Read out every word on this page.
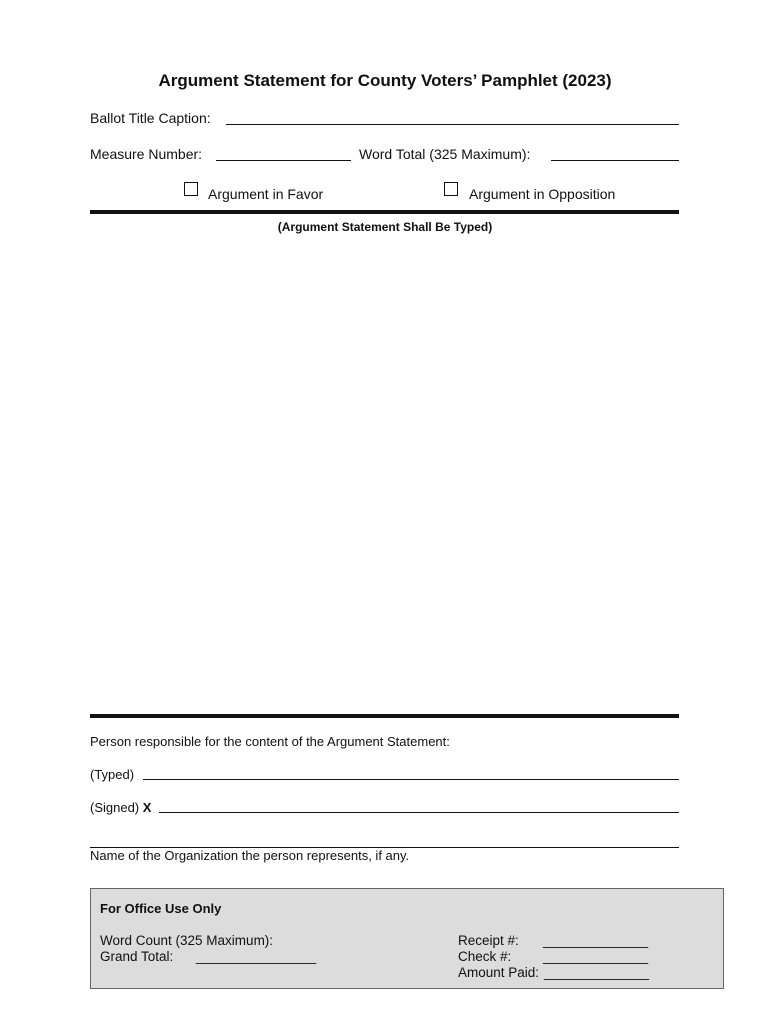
Argument Statement for County Voters’ Pamphlet (2023)
Ballot Title Caption:
Measure Number:	Word Total (325 Maximum):
Argument in Favor	Argument in Opposition
(Argument Statement Shall Be Typed)
Person responsible for the content of the Argument Statement:
(Typed)
(Signed) X
Name of the Organization the person represents, if any.
For Office Use Only
Word Count (325 Maximum):
Grand Total: ________________
Receipt #: ______________
Check #: ______________
Amount Paid: ______________
